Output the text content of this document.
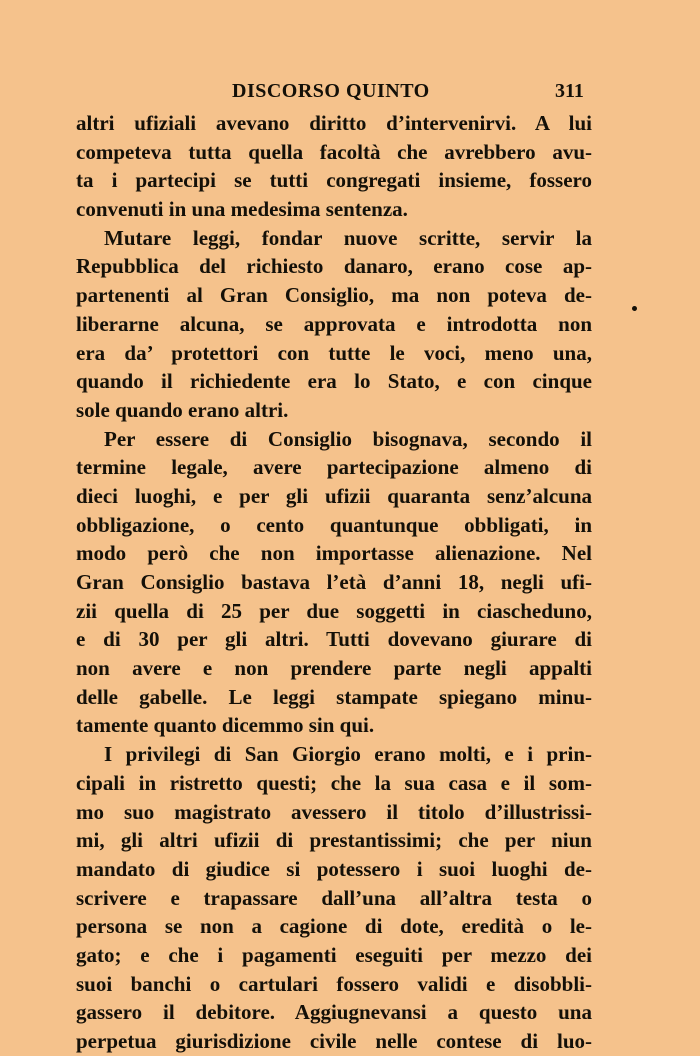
DISCORSO QUINTO	311
altri ufiziali avevano diritto d’intervenirvi. A lui
competeva tutta quella facoltà che avrebbero avu-
ta i partecipi se tutti congregati insieme, fossero
convenuti in una medesima sentenza.
Mutare leggi, fondar nuove scritte, servir la
Repubblica del richiesto danaro, erano cose ap-
partenenti al Gran Consiglio, ma non poteva de-
liberarne alcuna, se approvata e introdotta non
era da’ protettori con tutte le voci, meno una,
quando il richiedente era lo Stato, e con cinque
sole quando erano altri.
Per essere di Consiglio bisognava, secondo il
termine legale, avere partecipazione almeno di
dieci luoghi, e per gli ufizii quaranta senz’alcuna
obbligazione, o cento quantunque obbligati, in
modo però che non importasse alienazione. Nel
Gran Consiglio bastava l’età d’anni 18, negli ufi-
zii quella di 25 per due soggetti in ciascheduno,
e di 30 per gli altri. Tutti dovevano giurare di
non avere e non prendere parte negli appalti
delle gabelle. Le leggi stampate spiegano minu-
tamente quanto dicemmo sin qui.
I privilegi di San Giorgio erano molti, e i prin-
cipali in ristretto questi; che la sua casa e il som-
mo suo magistrato avessero il titolo d’illustrissi-
mi, gli altri ufizii di prestantissimi; che per niun
mandato di giudice si potessero i suoi luoghi de-
scrivere e trapassare dall’una all’altra testa o
persona se non a cagione di dote, eredità o le-
gato; e che i pagamenti eseguiti per mezzo dei
suoi banchi o cartulari fossero validi e disobbli-
gassero il debitore. Aggiugnevansi a questo una
perpetua giurisdizione civile nelle contese di luo-
